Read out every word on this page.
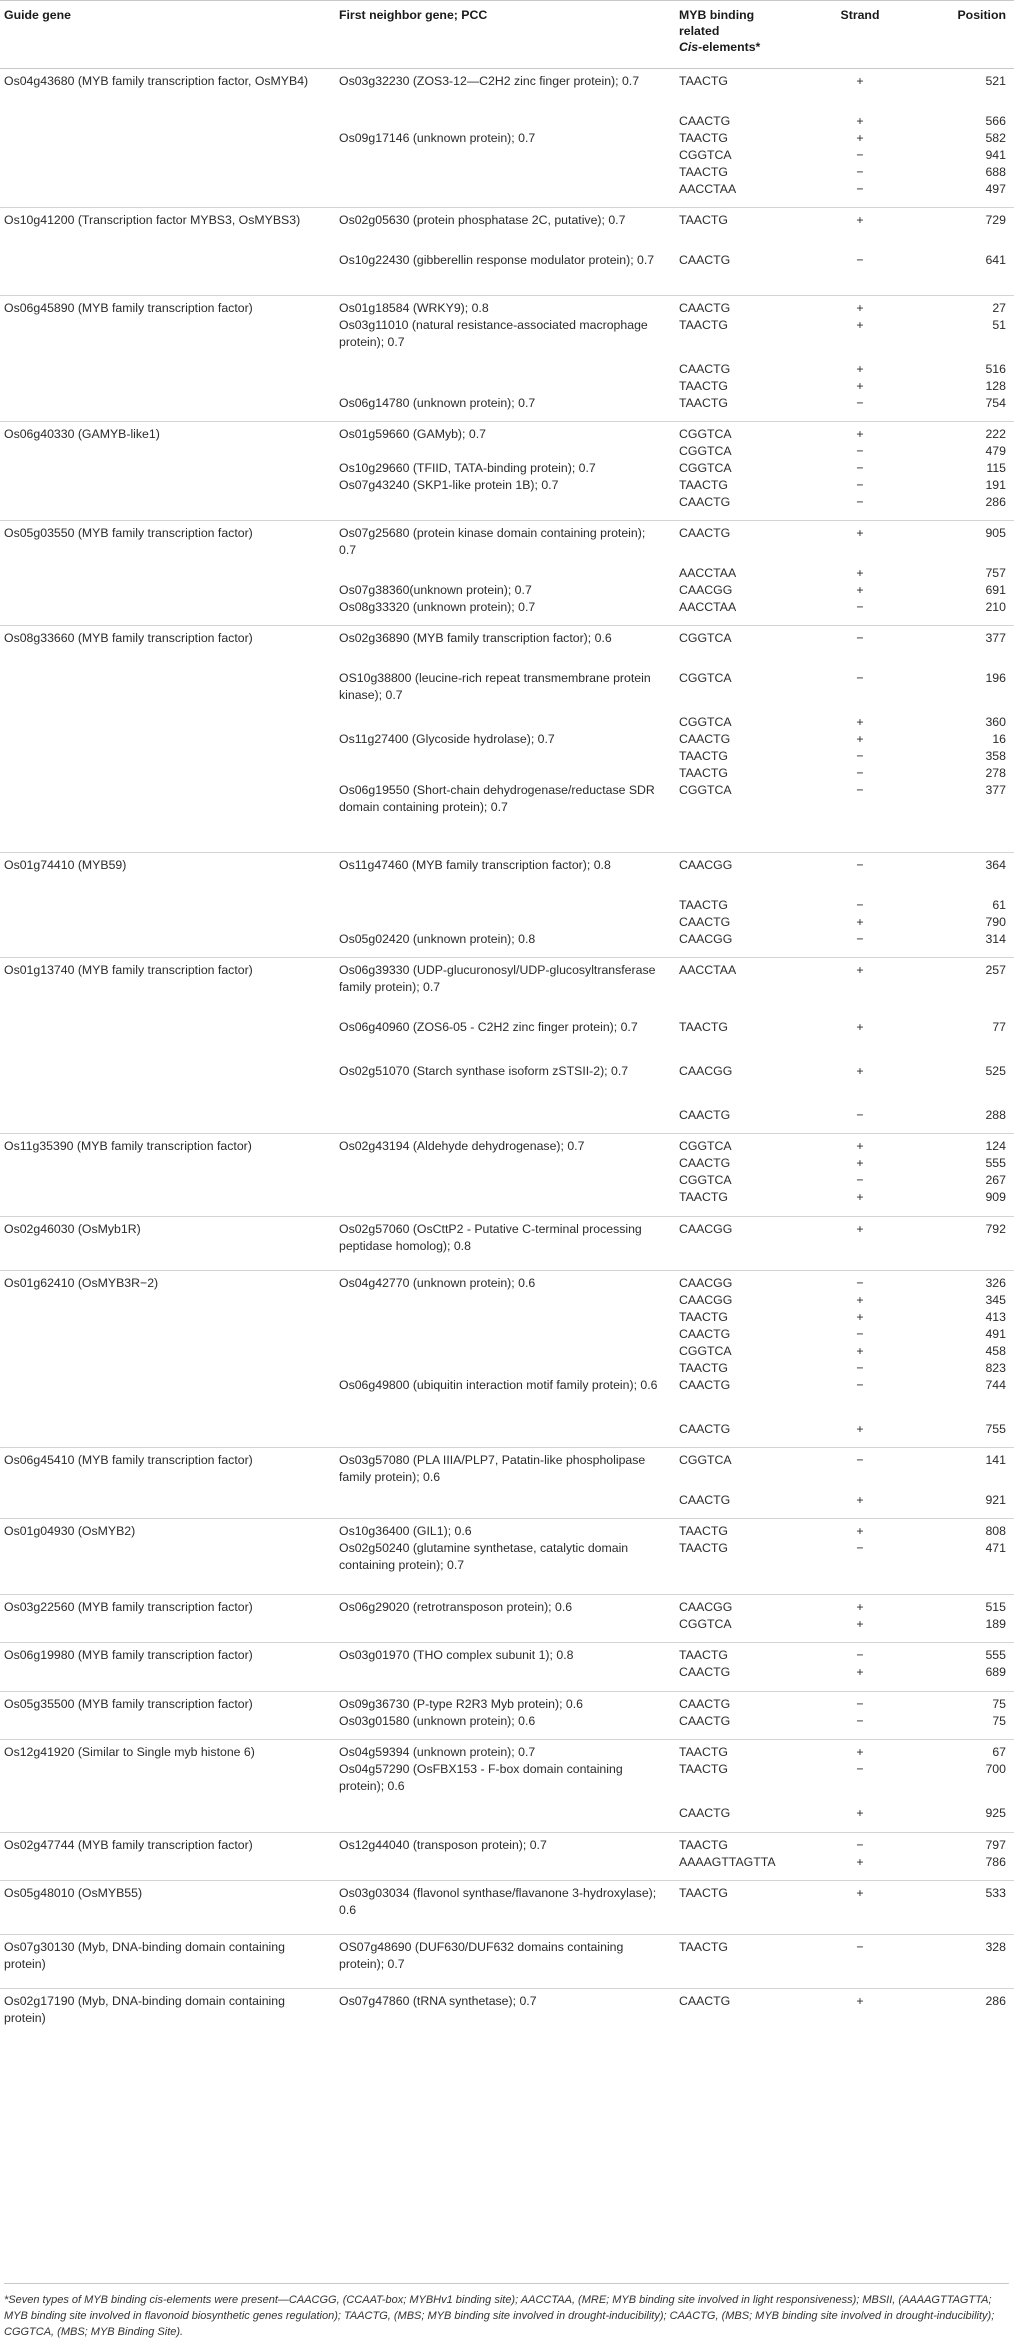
Guide gene	First neighbor gene; PCC	MYB binding
related
Cis-elements*	Strand	Position
Os04g43680 (MYB family transcription factor, OsMYB4)	Os03g32230 (ZOS3-12—C2H2 zinc finger protein); 0.7	TAACTG	+	521
		CAACTG	+	566
	Os09g17146 (unknown protein); 0.7	TAACTG	+	582
		CGGTCA	−	941
		TAACTG	−	688
		AACCTAA	−	497
Os10g41200 (Transcription factor MYBS3, OsMYBS3)	Os02g05630 (protein phosphatase 2C, putative); 0.7	TAACTG	+	729
	Os10g22430 (gibberellin response modulator protein); 0.7	CAACTG	−	641
Os06g45890 (MYB family transcription factor)	Os01g18584 (WRKY9); 0.8	CAACTG	+	27
	Os03g11010 (natural resistance-associated macrophage protein); 0.7	TAACTG	+	51
		CAACTG	+	516
		TAACTG	+	128
	Os06g14780 (unknown protein); 0.7	TAACTG	−	754
Os06g40330 (GAMYB-like1)	Os01g59660 (GAMyb); 0.7	CGGTCA	+	222
		CGGTCA	−	479
	Os10g29660 (TFIID, TATA-binding protein); 0.7	CGGTCA	−	115
	Os07g43240 (SKP1-like protein 1B); 0.7	TAACTG	−	191
		CAACTG	−	286
Os05g03550 (MYB family transcription factor)	Os07g25680 (protein kinase domain containing protein); 0.7	CAACTG	+	905
		AACCTAA	+	757
	Os07g38360(unknown protein); 0.7	CAACGG	+	691
	Os08g33320 (unknown protein); 0.7	AACCTAA	−	210
Os08g33660 (MYB family transcription factor)	Os02g36890 (MYB family transcription factor); 0.6	CGGTCA	−	377
	OS10g38800 (leucine-rich repeat transmembrane protein kinase); 0.7	CGGTCA	−	196
		CGGTCA	+	360
	Os11g27400 (Glycoside hydrolase); 0.7	CAACTG	+	16
		TAACTG	−	358
		TAACTG	−	278
	Os06g19550 (Short-chain dehydrogenase/reductase SDR domain containing protein); 0.7	CGGTCA	−	377
Os01g74410 (MYB59)	Os11g47460 (MYB family transcription factor); 0.8	CAACGG	−	364
		TAACTG	−	61
		CAACTG	+	790
	Os05g02420 (unknown protein); 0.8	CAACGG	−	314
Os01g13740 (MYB family transcription factor)	Os06g39330 (UDP-glucuronosyl/UDP-glucosyltransferase family protein); 0.7	AACCTAA	+	257
	Os06g40960 (ZOS6-05 - C2H2 zinc finger protein); 0.7	TAACTG	+	77
	Os02g51070 (Starch synthase isoform zSTSII-2); 0.7	CAACGG	+	525
		CAACTG	−	288
Os11g35390 (MYB family transcription factor)	Os02g43194 (Aldehyde dehydrogenase); 0.7	CGGTCA	+	124
		CAACTG	+	555
		CGGTCA	−	267
		TAACTG	+	909
Os02g46030 (OsMyb1R)	Os02g57060 (OsCttP2 - Putative C-terminal processing peptidase homolog); 0.8	CAACGG	+	792
Os01g62410 (OsMYB3R−2)	Os04g42770 (unknown protein); 0.6	CAACGG	−	326
		CAACGG	+	345
		TAACTG	+	413
		CAACTG	−	491
		CGGTCA	+	458
		TAACTG	−	823
	Os06g49800 (ubiquitin interaction motif family protein); 0.6	CAACTG	−	744
		CAACTG	+	755
Os06g45410 (MYB family transcription factor)	Os03g57080 (PLA IIIA/PLP7, Patatin-like phospholipase family protein); 0.6	CGGTCA	−	141
		CAACTG	+	921
Os01g04930 (OsMYB2)	Os10g36400 (GIL1); 0.6	TAACTG	+	808
	Os02g50240 (glutamine synthetase, catalytic domain containing protein); 0.7	TAACTG	−	471
Os03g22560 (MYB family transcription factor)	Os06g29020 (retrotransposon protein); 0.6	CAACGG	+	515
		CGGTCA	+	189
Os06g19980 (MYB family transcription factor)	Os03g01970 (THO complex subunit 1); 0.8	TAACTG	−	555
		CAACTG	+	689
Os05g35500 (MYB family transcription factor)	Os09g36730 (P-type R2R3 Myb protein); 0.6	CAACTG	−	75
	Os03g01580 (unknown protein); 0.6	CAACTG	−	75
Os12g41920 (Similar to Single myb histone 6)	Os04g59394 (unknown protein); 0.7	TAACTG	+	67
	Os04g57290 (OsFBX153 - F-box domain containing protein); 0.6	TAACTG	−	700
		CAACTG	+	925
Os02g47744 (MYB family transcription factor)	Os12g44040 (transposon protein); 0.7	TAACTG	−	797
		AAAAGTTAGTTA	+	786
Os05g48010 (OsMYB55)	Os03g03034 (flavonol synthase/flavanone 3-hydroxylase); 0.6	TAACTG	+	533
Os07g30130 (Myb, DNA-binding domain containing protein)	OS07g48690 (DUF630/DUF632 domains containing protein); 0.7	TAACTG	−	328
Os02g17190 (Myb, DNA-binding domain containing protein)	Os07g47860 (tRNA synthetase); 0.7	CAACTG	+	286
*Seven types of MYB binding cis-elements were present—CAACGG, (CCAAT-box; MYBHv1 binding site); AACCTAA, (MRE; MYB binding site involved in light responsiveness); MBSII, (AAAAGTTAGTTA; MYB binding site involved in flavonoid biosynthetic genes regulation); TAACTG, (MBS; MYB binding site involved in drought-inducibility); CAACTG, (MBS; MYB binding site involved in drought-inducibility); CGGTCA, (MBS; MYB Binding Site).
